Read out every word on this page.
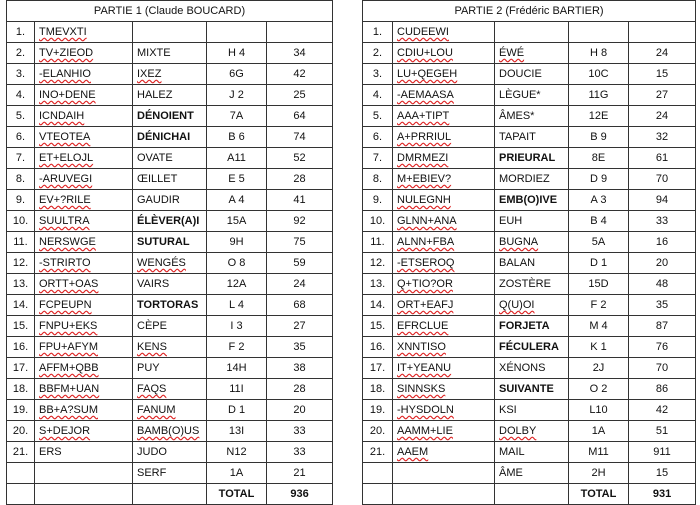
PARTIE 1 (Claude BOUCARD)				
1.	TMEVXTI			
2.	TV+ZIEOD	MIXTE	H 4	34
3.	-ELANHIO	IXEZ	6G	42
4.	INO+DENE	HALEZ	J 2	25
5.	ICNDAIH	DÉNOIENT	7A	64
6.	VTEOTEA	DÉNICHAI	B 6	74
7.	ET+ELOJL	OVATE	A11	52
8.	-ARUVEGI	ŒILLET	E 5	28
9.	EV+?RILE	GAUDIR	A 4	41
10.	SUULTRA	ÉLÈVER(A)I	15A	92
11.	NERSWGE	SUTURAL	9H	75
12.	-STRIRTO	WENGÉS	O 8	59
13.	ORTT+OAS	VAIRS	12A	24
14.	FCPEUPN	TORTORAS	L 4	68
15.	FNPU+EKS	CÈPE	I 3	27
16.	FPU+AFYM	KENS	F 2	35
17.	AFFM+QBB	PUY	14H	38
18.	BBFM+UAN	FAQS	11I	28
19.	BB+A?SUM	FANUM	D 1	20
20.	S+DEJOR	BAMB(O)US	13I	33
21.	ERS	JUDO	N12	33
		SERF	1A	21
			TOTAL	936
PARTIE 2 (Frédéric BARTIER)				
1.	CUDEEWI			
2.	CDIU+LOU	ÉWÉ	H 8	24
3.	LU+QEGEH	DOUCIE	10C	15
4.	-AEMAASA	LÈGUE*	11G	27
5.	AAA+TIPT	ÂMES*	12E	24
6.	A+PRRIUL	TAPAIT	B 9	32
7.	DMRMEZI	PRIEURAL	8E	61
8.	M+EBIEV?	MORDIEZ	D 9	70
9.	NULEGNH	EMB(O)IVE	A 3	94
10.	GLNN+ANA	EUH	B 4	33
11.	ALNN+FBA	BUGNA	5A	16
12.	-ETSEROQ	BALAN	D 1	20
13.	Q+TIO?OR	ZOSTÈRE	15D	48
14.	ORT+EAFJ	Q(U)OI	F 2	35
15.	EFRCLUE	FORJETA	M 4	87
16.	XNNTISO	FÉCULERA	K 1	76
17.	IT+YEANU	XÉNONS	2J	70
18.	SINNSKS	SUIVANTE	O 2	86
19.	-HYSDOLN	KSI	L10	42
20.	AAMM+LIE	DOLBY	1A	51
21.	AAEM	MAIL	M11	911
		ÂME	2H	15
			TOTAL	931
